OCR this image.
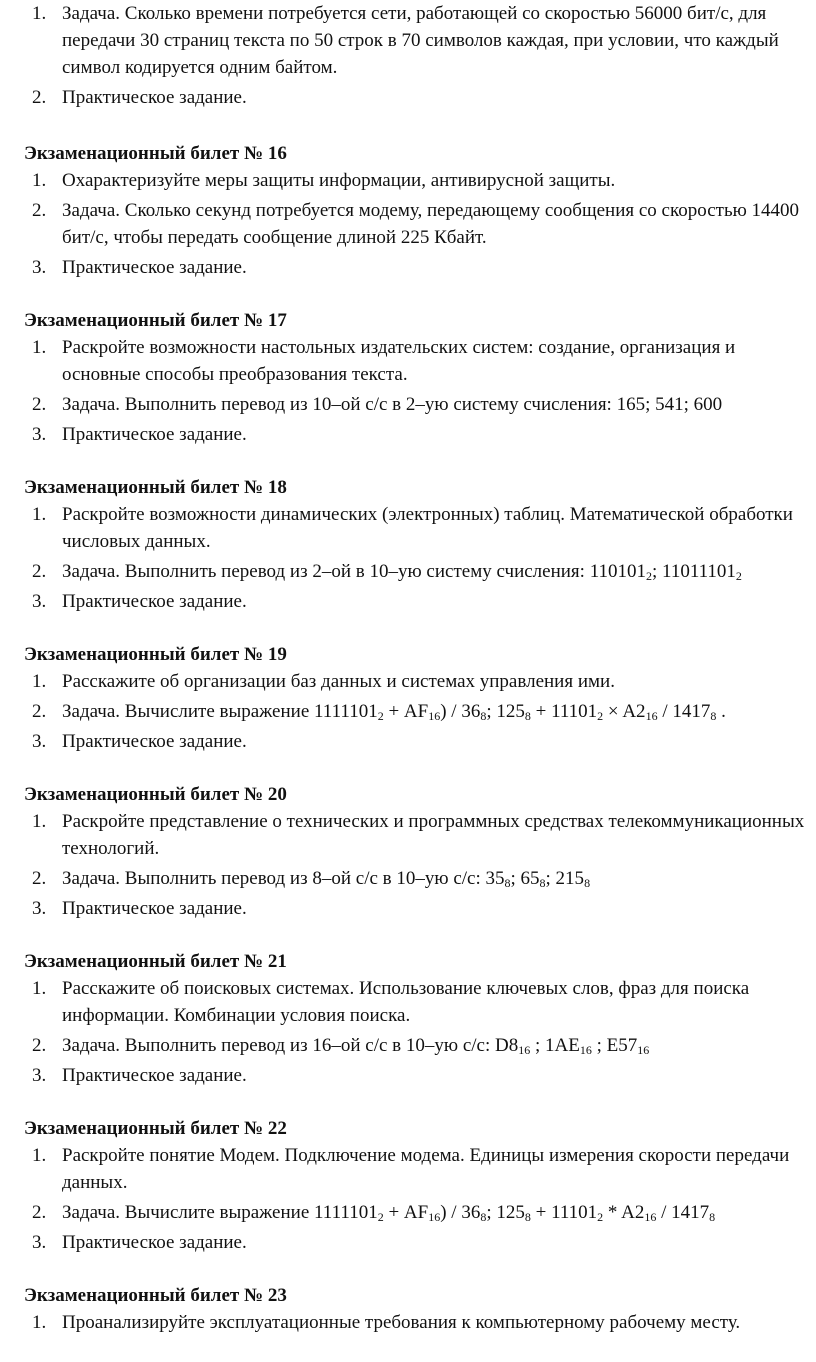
1. Задача. Сколько времени потребуется сети, работающей со скоростью 56000 бит/с, для передачи 30 страниц текста по 50 строк в 70 символов каждая, при условии, что каждый символ кодируется одним байтом.
2. Практическое задание.
Экзаменационный билет № 16
1. Охарактеризуйте меры защиты информации, антивирусной защиты.
2. Задача. Сколько секунд потребуется модему, передающему сообщения со скоростью 14400 бит/с, чтобы передать сообщение длиной 225 Кбайт.
3. Практическое задание.
Экзаменационный билет № 17
1. Раскройте возможности настольных издательских систем: создание, организация и основные способы преобразования текста.
2. Задача. Выполнить перевод из 10–ой с/с в 2–ую систему счисления: 165; 541; 600
3. Практическое задание.
Экзаменационный билет № 18
1. Раскройте возможности динамических (электронных) таблиц. Математической обработки числовых данных.
2. Задача. Выполнить перевод из 2–ой в 10–ую систему счисления: $110101_2$; $11011101_2$
3. Практическое задание.
Экзаменационный билет № 19
1. Расскажите об организации баз данных и системах управления ими.
2. Задача. Вычислите выражение $1111101_2 + AF_{16}) / 36_8$; $125_8 + 11101_2 \times A2_{16} / 1417_8$ .
3. Практическое задание.
Экзаменационный билет № 20
1. Раскройте представление о технических и программных средствах телекоммуникационных технологий.
2. Задача. Выполнить перевод из 8–ой с/с в 10–ую с/с: $35_8$; $65_8$; $215_8$
3. Практическое задание.
Экзаменационный билет № 21
1. Расскажите об поисковых системах. Использование ключевых слов, фраз для поиска информации. Комбинации условия поиска.
2. Задача. Выполнить перевод из 16–ой с/с в 10–ую с/с: $D8_{16}$ ; $1AE_{16}$ ; $E57_{16}$
3. Практическое задание.
Экзаменационный билет № 22
1. Раскройте понятие Модем. Подключение модема. Единицы измерения скорости передачи данных.
2. Задача. Вычислите выражение $1111101_2 + AF_{16}) / 36_8$; $125_8 + 11101_2 * A2_{16} / 1417_8$
3. Практическое задание.
Экзаменационный билет № 23
1. Проанализируйте эксплуатационные требования к компьютерному рабочему месту.
